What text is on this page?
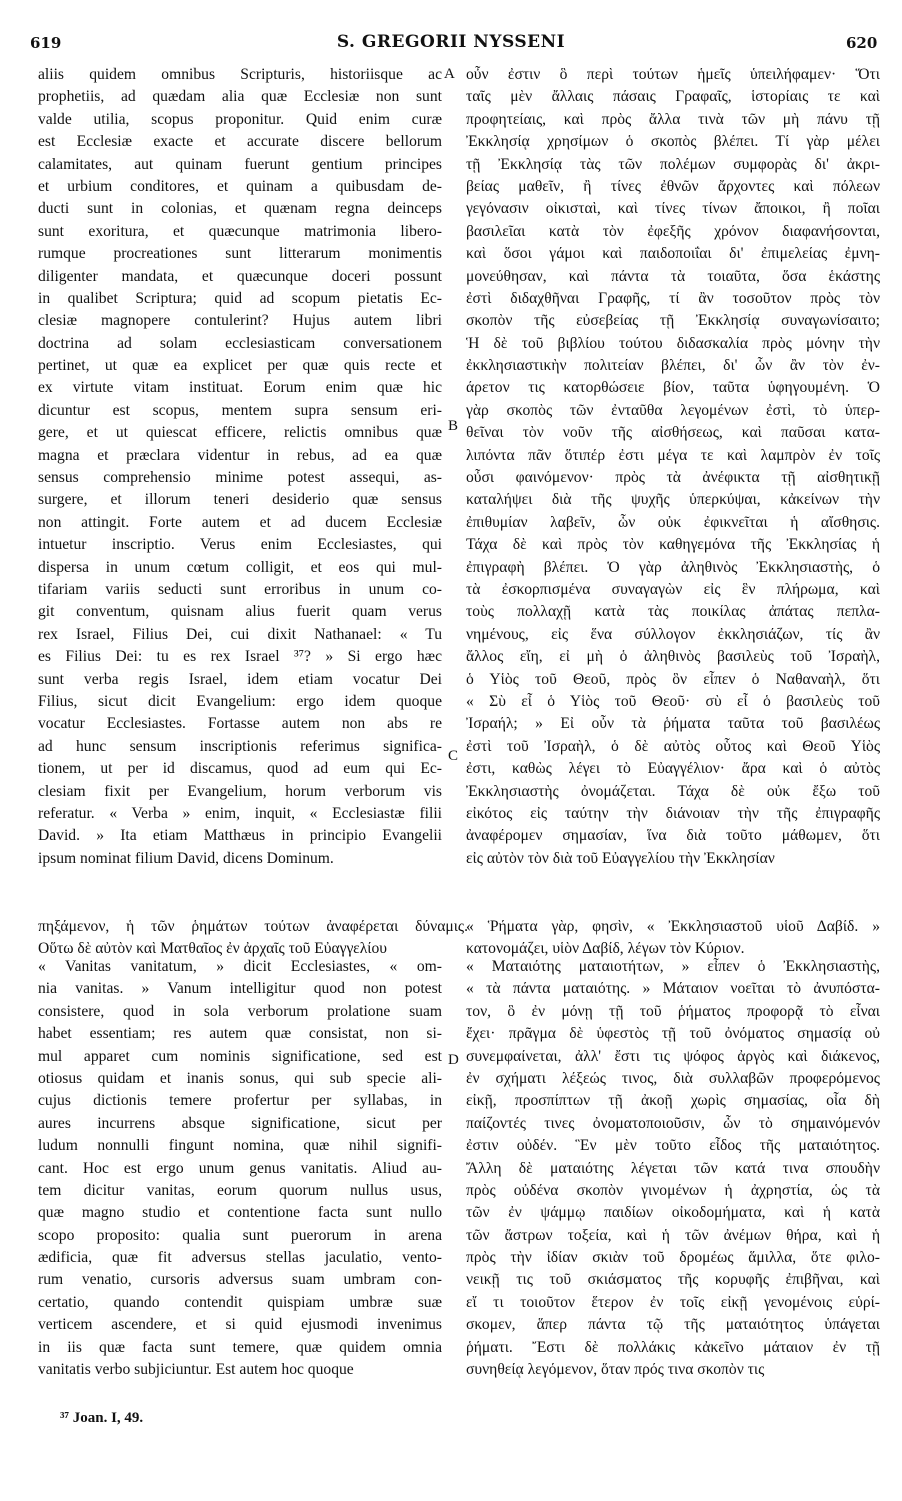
619	S. GREGORII NYSSENI	620
aliis quidem omnibus Scripturis, historiisque ac
prophetiis, ad quædam alia quæ Ecclesiæ non sunt
valde utilia, scopus proponitur. Quid enim curæ
est Ecclesiæ exacte et accurate discere bellorum
calamitates, aut quinam fuerunt gentium principes
et urbium conditores, et quinam a quibusdam de-
ducti sunt in colonias, et quænam regna deinceps
sunt exoritura, et quæcunque matrimonia libero-
rumque procreationes sunt litterarum monimentis
diligenter mandata, et quæcunque doceri possunt
in qualibet Scriptura; quid ad scopum pietatis Ec-
clesiæ magnopere contulerint? Hujus autem libri
doctrina ad solam ecclesiasticam conversationem
pertinet, ut quæ ea explicet per quæ quis recte et
ex virtute vitam instituat. Eorum enim quæ hic
dicuntur est scopus, mentem supra sensum eri-
gere, et ut quiescat efficere, relictis omnibus quæ
magna et præclara videntur in rebus, ad ea quæ
sensus comprehensio minime potest assequi, as-
surgere, et illorum teneri desiderio quæ sensus
non attingit. Forte autem et ad ducem Ecclesiæ
intuetur inscriptio. Verus enim Ecclesiastes, qui
dispersa in unum cœtum colligit, et eos qui mul-
tifariam variis seducti sunt erroribus in unum co-
git conventum, quisnam alius fuerit quam verus
rex Israel, Filius Dei, cui dixit Nathanael: « Tu
es Filius Dei: tu es rex Israel ³⁷? » Si ergo hæc
sunt verba regis Israel, idem etiam vocatur Dei
Filius, sicut dicit Evangelium: ergo idem quoque
vocatur Ecclesiastes. Fortasse autem non abs re
ad hunc sensum inscriptionis referimus significa-
tionem, ut per id discamus, quod ad eum qui Ec-
clesiam fixit per Evangelium, horum verborum vis
referatur. « Verba » enim, inquit, « Ecclesiastæ filii
David. » Ita etiam Matthæus in principio Evangelii
ipsum nominat filium David, dicens Dominum.
οὖν ἐστιν ὃ περὶ τούτων ἡμεῖς ὑπειλήφαμεν· Ὅτι
ταῖς μὲν ἄλλαις πάσαις Γραφαῖς, ἱστορίαις τε καὶ
προφητείαις, καὶ πρὸς ἄλλα τινὰ τῶν μὴ πάνυ τῇ
Ἐκκλησίᾳ χρησίμων ὁ σκοπὸς βλέπει. Τί γὰρ μέλει
τῇ Ἐκκλησίᾳ τὰς τῶν πολέμων συμφορὰς δι' ἀκρι-
βείας μαθεῖν, ἢ τίνες ἐθνῶν ἄρχοντες καὶ πόλεων
γεγόνασιν οἰκισταὶ, καὶ τίνες τίνων ἄποικοι, ἢ ποῖαι
βασιλεῖαι κατὰ τὸν ἐφεξῆς χρόνον διαφανήσονται,
καὶ ὅσοι γάμοι καὶ παιδοποιΐαι δι' ἐπιμελείας ἐμνη-
μονεύθησαν, καὶ πάντα τὰ τοιαῦτα, ὅσα ἑκάστης
ἐστὶ διδαχθῆναι Γραφῆς, τί ἂν τοσοῦτον πρὸς τὸν
σκοπὸν τῆς εὐσεβείας τῇ Ἐκκλησίᾳ συναγωνίσαιτο;
Ἡ δὲ τοῦ βιβλίου τούτου διδασκαλία πρὸς μόνην τὴν
ἐκκλησιαστικὴν πολιτείαν βλέπει, δι' ὧν ἂν τὸν ἐν-
άρετον τις κατορθώσειε βίον, ταῦτα ὑφηγουμένη. Ὁ
γὰρ σκοπὸς τῶν ἐνταῦθα λεγομένων ἐστὶ, τὸ ὑπερ-
θεῖναι τὸν νοῦν τῆς αἰσθήσεως, καὶ παῦσαι κατα-
λιπόντα πᾶν ὅτιπέρ ἐστι μέγα τε καὶ λαμπρὸν ἐν τοῖς
οὖσι φαινόμενον· πρὸς τὰ ἀνέφικτα τῇ αἰσθητικῇ
καταλήψει διὰ τῆς ψυχῆς ὑπερκύψαι, κἀκείνων τὴν
ἐπιθυμίαν λαβεῖν, ὧν οὐκ ἐφικνεῖται ἡ αἴσθησις.
Τάχα δὲ καὶ πρὸς τὸν καθηγεμόνα τῆς Ἐκκλησίας ἡ
ἐπιγραφὴ βλέπει. Ὁ γὰρ ἀληθινὸς Ἐκκλησιαστὴς, ὁ
τὰ ἐσκορπισμένα συναγαγὼν εἰς ἓν πλήρωμα, καὶ
τοὺς πολλαχῇ κατὰ τὰς ποικίλας ἀπάτας πεπλα-
νημένους, εἰς ἕνα σύλλογον ἐκκλησιάζων, τίς ἂν
ἄλλος εἴη, εἰ μὴ ὁ ἀληθινὸς βασιλεὺς τοῦ Ἰσραὴλ,
ὁ Υἱὸς τοῦ Θεοῦ, πρὸς ὃν εἶπεν ὁ Ναθαναὴλ, ὅτι
« Σὺ εἶ ὁ Υἱὸς τοῦ Θεοῦ· σὺ εἶ ὁ βασιλεὺς τοῦ
Ἰσραήλ; » Εἰ οὖν τὰ ῥήματα ταῦτα τοῦ βασιλέως
ἐστὶ τοῦ Ἰσραὴλ, ὁ δὲ αὐτὸς οὗτος καὶ Θεοῦ Υἱὸς
ἐστι, καθὼς λέγει τὸ Εὐαγγέλιον· ἄρα καὶ ὁ αὐτὸς
Ἐκκλησιαστὴς ὀνομάζεται. Τάχα δὲ οὐκ ἔξω τοῦ
εἰκότος εἰς ταύτην τὴν διάνοιαν τὴν τῆς ἐπιγραφῆς
ἀναφέρομεν σημασίαν, ἵνα διὰ τοῦτο μάθωμεν, ὅτι
εἰς αὐτὸν τὸν διὰ τοῦ Εὐαγγελίου τὴν Ἐκκλησίαν
πηξάμενον, ἡ τῶν ῥημάτων τούτων ἀναφέρεται δύναμις.
Οὕτω δὲ αὐτὸν καὶ Ματθαῖος ἐν ἀρχαῖς τοῦ Εὐαγγελίου
« Ῥήματα γὰρ, φησὶν, « Ἐκκλησιαστοῦ υἱοῦ Δαβίδ. »
κατονομάζει, υἱὸν Δαβίδ, λέγων τὸν Κύριον.
« Vanitas vanitatum, » dicit Ecclesiastes, « om-
nia vanitas. » Vanum intelligitur quod non potest
consistere, quod in sola verborum prolatione suam
habet essentiam; res autem quæ consistat, non si-
mul apparet cum nominis significatione, sed est
otiosus quidam et inanis sonus, qui sub specie ali-
cujus dictionis temere profertur per syllabas, in
aures incurrens absque significatione, sicut per
ludum nonnulli fingunt nomina, quæ nihil signifi-
cant. Hoc est ergo unum genus vanitatis. Aliud au-
tem dicitur vanitas, eorum quorum nullus usus,
quæ magno studio et contentione facta sunt nullo
scopo proposito: qualia sunt puerorum in arena
ædificia, quæ fit adversus stellas jaculatio, vento-
rum venatio, cursoris adversus suam umbram con-
certatio, quando contendit quispiam umbræ suæ
verticem ascendere, et si quid ejusmodi invenimus
in iis quæ facta sunt temere, quæ quidem omnia
vanitatis verbo subjiciuntur. Est autem hoc quoque
« Ματαιότης ματαιοτήτων, » εἶπεν ὁ Ἐκκλησιαστὴς,
« τὰ πάντα ματαιότης. » Μάταιον νοεῖται τὸ ἀνυπόστα-
τον, ὃ ἐν μόνῃ τῇ τοῦ ῥήματος προφορᾷ τὸ εἶναι
ἔχει· πρᾶγμα δὲ ὑφεστὸς τῇ τοῦ ὀνόματος σημασίᾳ οὐ
συνεμφαίνεται, ἀλλ' ἔστι τις ψόφος ἀργὸς καὶ διάκενος,
ἐν σχήματι λέξεώς τινος, διὰ συλλαβῶν προφερόμενος
εἰκῇ, προσπίπτων τῇ ἀκοῇ χωρὶς σημασίας, οἷα δὴ
παίζοντές τινες ὀνοματοποιοῦσιν, ὧν τὸ σημαινόμενόν
ἐστιν οὐδέν. Ἓν μὲν τοῦτο εἶδος τῆς ματαιότητος.
Ἄλλη δὲ ματαιότης λέγεται τῶν κατά τινα σπουδὴν
πρὸς οὐδένα σκοπὸν γινομένων ἡ ἀχρηστία, ὡς τὰ
τῶν ἐν ψάμμῳ παιδίων οἰκοδομήματα, καὶ ἡ κατὰ
τῶν ἄστρων τοξεία, καὶ ἡ τῶν ἀνέμων θήρα, καὶ ἡ
πρὸς τὴν ἰδίαν σκιὰν τοῦ δρομέως ἅμιλλα, ὅτε φιλο-
νεικῇ τις τοῦ σκιάσματος τῆς κορυφῆς ἐπιβῆναι, καὶ
εἴ τι τοιοῦτον ἕτερον ἐν τοῖς εἰκῇ γενομένοις εὑρί-
σκομεν, ἅπερ πάντα τῷ τῆς ματαιότητος ὑπάγεται
ῥήματι. Ἔστι δὲ πολλάκις κἀκεῖνο μάταιον ἐν τῇ
συνηθείᾳ λεγόμενον, ὅταν πρός τινα σκοπὸν τις
A
B
C
D
³⁷ Joan. I, 49.
